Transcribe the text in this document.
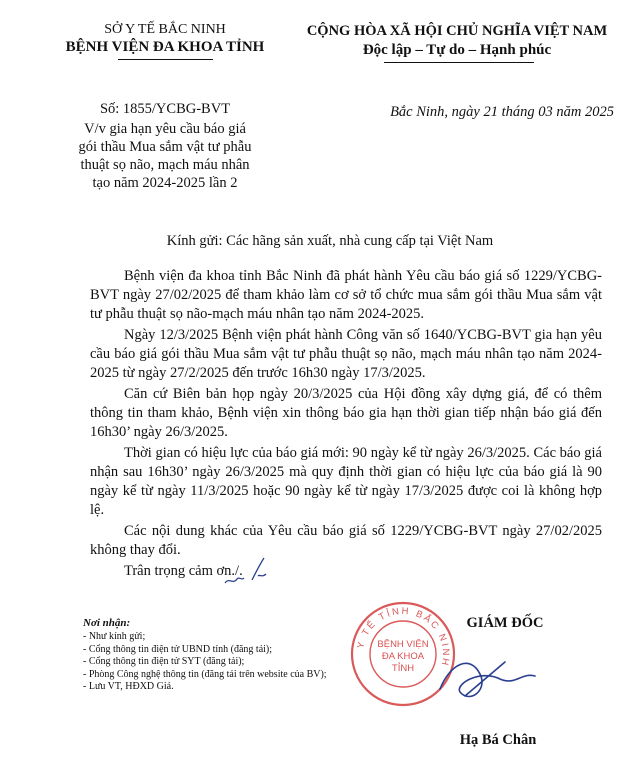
SỞ Y TẾ BẮC NINH
BỆNH VIỆN ĐA KHOA TỈNH
CỘNG HÒA XÃ HỘI CHỦ NGHĨA VIỆT NAM
Độc lập – Tự do – Hạnh phúc
Số: 1855/YCBG-BVT
V/v gia hạn yêu cầu báo giá
gói thầu Mua sắm vật tư phẫu
thuật sọ não, mạch máu nhân
tạo năm 2024-2025 lần 2
Bắc Ninh, ngày 21 tháng 03 năm 2025
Kính gửi: Các hãng sản xuất, nhà cung cấp tại Việt Nam

Bệnh viện đa khoa tỉnh Bắc Ninh đã phát hành Yêu cầu báo giá số 1229/YCBG-BVT ngày 27/02/2025 để tham khảo làm cơ sở tổ chức mua sắm gói thầu Mua sắm vật tư phẫu thuật sọ não-mạch máu nhân tạo năm 2024-2025.

Ngày 12/3/2025 Bệnh viện phát hành Công văn số 1640/YCBG-BVT gia hạn yêu cầu báo giá gói thầu Mua sắm vật tư phẫu thuật sọ não, mạch máu nhân tạo năm 2024-2025 từ ngày 27/2/2025 đến trước 16h30 ngày 17/3/2025.

Căn cứ Biên bản họp ngày 20/3/2025 của Hội đồng xây dựng giá, để có thêm thông tin tham khảo, Bệnh viện xin thông báo gia hạn thời gian tiếp nhận báo giá đến 16h30’ ngày 26/3/2025.

Thời gian có hiệu lực của báo giá mới: 90 ngày kể từ ngày 26/3/2025. Các báo giá nhận sau 16h30’ ngày 26/3/2025 mà quy định thời gian có hiệu lực của báo giá là 90 ngày kể từ ngày 11/3/2025 hoặc 90 ngày kể từ ngày 17/3/2025 được coi là không hợp lệ.

Các nội dung khác của Yêu cầu báo giá số 1229/YCBG-BVT ngày 27/02/2025 không thay đổi.

Trân trọng cảm ơn./.

Nơi nhận:
- Như kính gửi;
- Cổng thông tin điện tử UBND tỉnh (đăng tải);
- Cổng thông tin điện tử SYT (đăng tải);
- Phòng Công nghệ thông tin (đăng tải trên website của BV);
- Lưu VT, HĐXD Giá.
Y TẾ TỈNH BẮC NINH
BỆNH VIỆN
ĐA KHOA
TỈNH
GIÁM ĐỐC
Hạ Bá Chân
